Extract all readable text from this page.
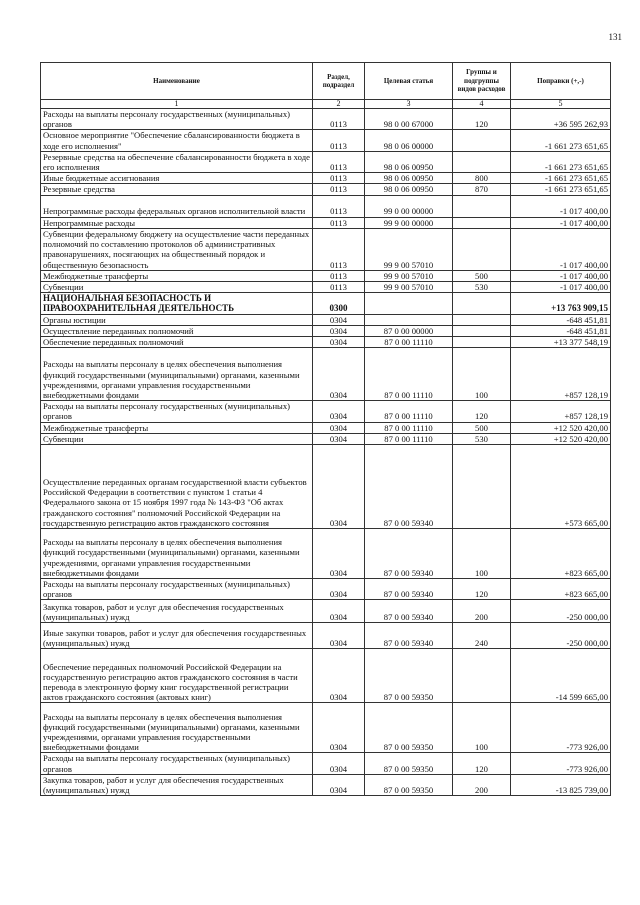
131
Наименование	Раздел, подраздел	Целевая статья	Группы и подгруппы видов расходов	Поправки (+,-)
1	2	3	4	5
Расходы на выплаты персоналу государственных (муниципальных) органов	0113	98 0 00 67000	120	+36 595 262,93
Основное мероприятие "Обеспечение сбалансированности бюджета в ходе его исполнения"	0113	98 0 06 00000		-1 661 273 651,65
Резервные средства на обеспечение сбалансированности бюджета в ходе его исполнения	0113	98 0 06 00950		-1 661 273 651,65
Иные бюджетные ассигнования	0113	98 0 06 00950	800	-1 661 273 651,65
Резервные средства	0113	98 0 06 00950	870	-1 661 273 651,65
Непрограммные расходы федеральных органов исполнительной власти	0113	99 0 00 00000		-1 017 400,00
Непрограммные расходы	0113	99 9 00 00000		-1 017 400,00
Субвенции федеральному бюджету на осуществление части переданных полномочий по составлению протоколов об административных правонарушениях, посягающих на общественный порядок и общественную безопасность	0113	99 9 00 57010		-1 017 400,00
Межбюджетные трансферты	0113	99 9 00 57010	500	-1 017 400,00
Субвенции	0113	99 9 00 57010	530	-1 017 400,00
НАЦИОНАЛЬНАЯ БЕЗОПАСНОСТЬ И ПРАВООХРАНИТЕЛЬНАЯ ДЕЯТЕЛЬНОСТЬ	0300			+13 763 909,15
Органы юстиции	0304			-648 451,81
Осуществление переданных полномочий	0304	87 0 00 00000		-648 451,81
Обеспечение переданных полномочий	0304	87 0 00 11110		+13 377 548,19
Расходы на выплаты персоналу в целях обеспечения выполнения функций государственными (муниципальными) органами, казенными учреждениями, органами управления государственными внебюджетными фондами	0304	87 0 00 11110	100	+857 128,19
Расходы на выплаты персоналу государственных (муниципальных) органов	0304	87 0 00 11110	120	+857 128,19
Межбюджетные трансферты	0304	87 0 00 11110	500	+12 520 420,00
Субвенции	0304	87 0 00 11110	530	+12 520 420,00
Осуществление переданных органам государственной власти субъектов Российской Федерации в соответствии с пунктом 1 статьи 4 Федерального закона от 15 ноября 1997 года № 143-ФЗ "Об актах гражданского состояния" полномочий Российской Федерации на государственную регистрацию актов гражданского состояния	0304	87 0 00 59340		+573 665,00
Расходы на выплаты персоналу в целях обеспечения выполнения функций государственными (муниципальными) органами, казенными учреждениями, органами управления государственными внебюджетными фондами	0304	87 0 00 59340	100	+823 665,00
Расходы на выплаты персоналу государственных (муниципальных) органов	0304	87 0 00 59340	120	+823 665,00
Закупка товаров, работ и услуг для обеспечения государственных (муниципальных) нужд	0304	87 0 00 59340	200	-250 000,00
Иные закупки товаров, работ и услуг для обеспечения государственных (муниципальных) нужд	0304	87 0 00 59340	240	-250 000,00
Обеспечение переданных полномочий Российской Федерации на государственную регистрацию актов гражданского состояния в части перевода в электронную форму книг государственной регистрации актов гражданского состояния (актовых книг)	0304	87 0 00 59350		-14 599 665,00
Расходы на выплаты персоналу в целях обеспечения выполнения функций государственными (муниципальными) органами, казенными учреждениями, органами управления государственными внебюджетными фондами	0304	87 0 00 59350	100	-773 926,00
Расходы на выплаты персоналу государственных (муниципальных) органов	0304	87 0 00 59350	120	-773 926,00
Закупка товаров, работ и услуг для обеспечения государственных (муниципальных) нужд	0304	87 0 00 59350	200	-13 825 739,00
